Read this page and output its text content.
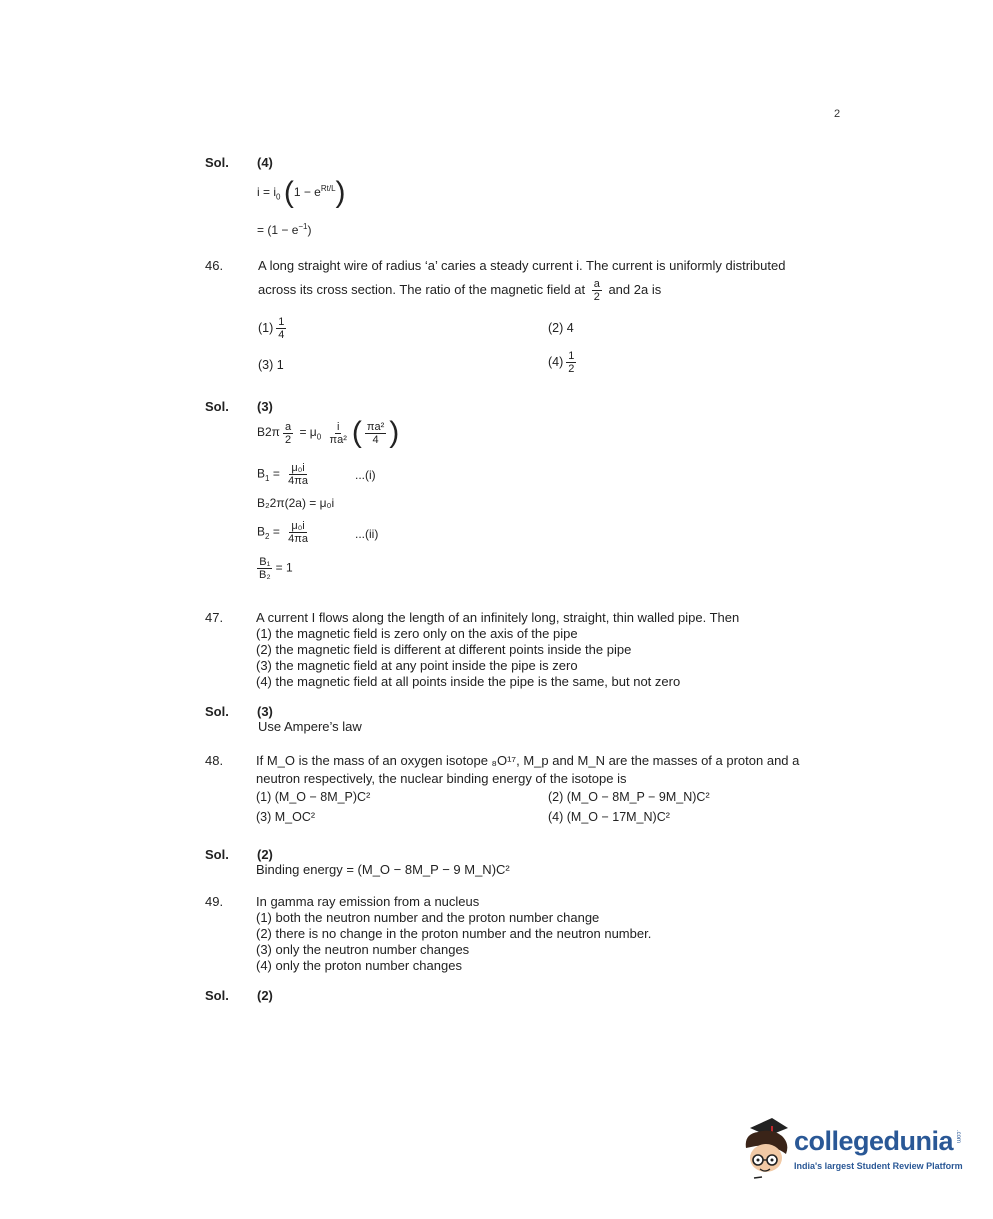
2
Sol. (4)
$i = i_0$ $(1 - e^{Rt/L})$
= $(1 - e^{-1})$
46.	A long straight wire of radius ‘a’ caries a steady current i. The current is uniformly distributed
across its cross section. The ratio of the magnetic field at $\frac{a}{2}$ and 2a is
$(1) \frac{1}{4}$	(2) 4
(3) 1	$(4) \frac{1}{2}$
Sol. (3)
$B2\pi \frac{a}{2} = \mu_0 \frac{i}{\text{πa²}}$ ( $\frac{\text{πa²}}{4}$ )
$B_1 = \frac{\text{μ₀i}}{4\pi a}$	...(i)
B₂2π(2a) = μ₀i
$B_2 = \frac{\text{μ₀i}}{4\pi a}$	...(ii)
$\frac{\text{B₁}}{\text{B₂}} = 1$
47.	A current I flows along the length of an infinitely long, straight, thin walled pipe. Then
(1) the magnetic field is zero only on the axis of the pipe
(2) the magnetic field is different at different points inside the pipe
(3) the magnetic field at any point inside the pipe is zero
(4) the magnetic field at all points inside the pipe is the same, but not zero
Sol. (3)
Use Ampere’s law
48.	If M_O is the mass of an oxygen isotope ₈O¹⁷, M_p and M_N are the masses of a proton and a
neutron respectively, the nuclear binding energy of the isotope is
(1) (M_O − 8M_P)C²	(2) (M_O − 8M_P − 9M_N)C²
(3) M_OC²	(4) (M_O − 17M_N)C²
Sol. (2)
Binding energy = (M_O − 8M_P − 9 M_N)C²
49.	In gamma ray emission from a nucleus
(1) both the neutron number and the proton number change
(2) there is no change in the proton number and the neutron number.
(3) only the neutron number changes
(4) only the proton number changes
Sol. (2)
collegedunia .com
India's largest Student Review Platform
